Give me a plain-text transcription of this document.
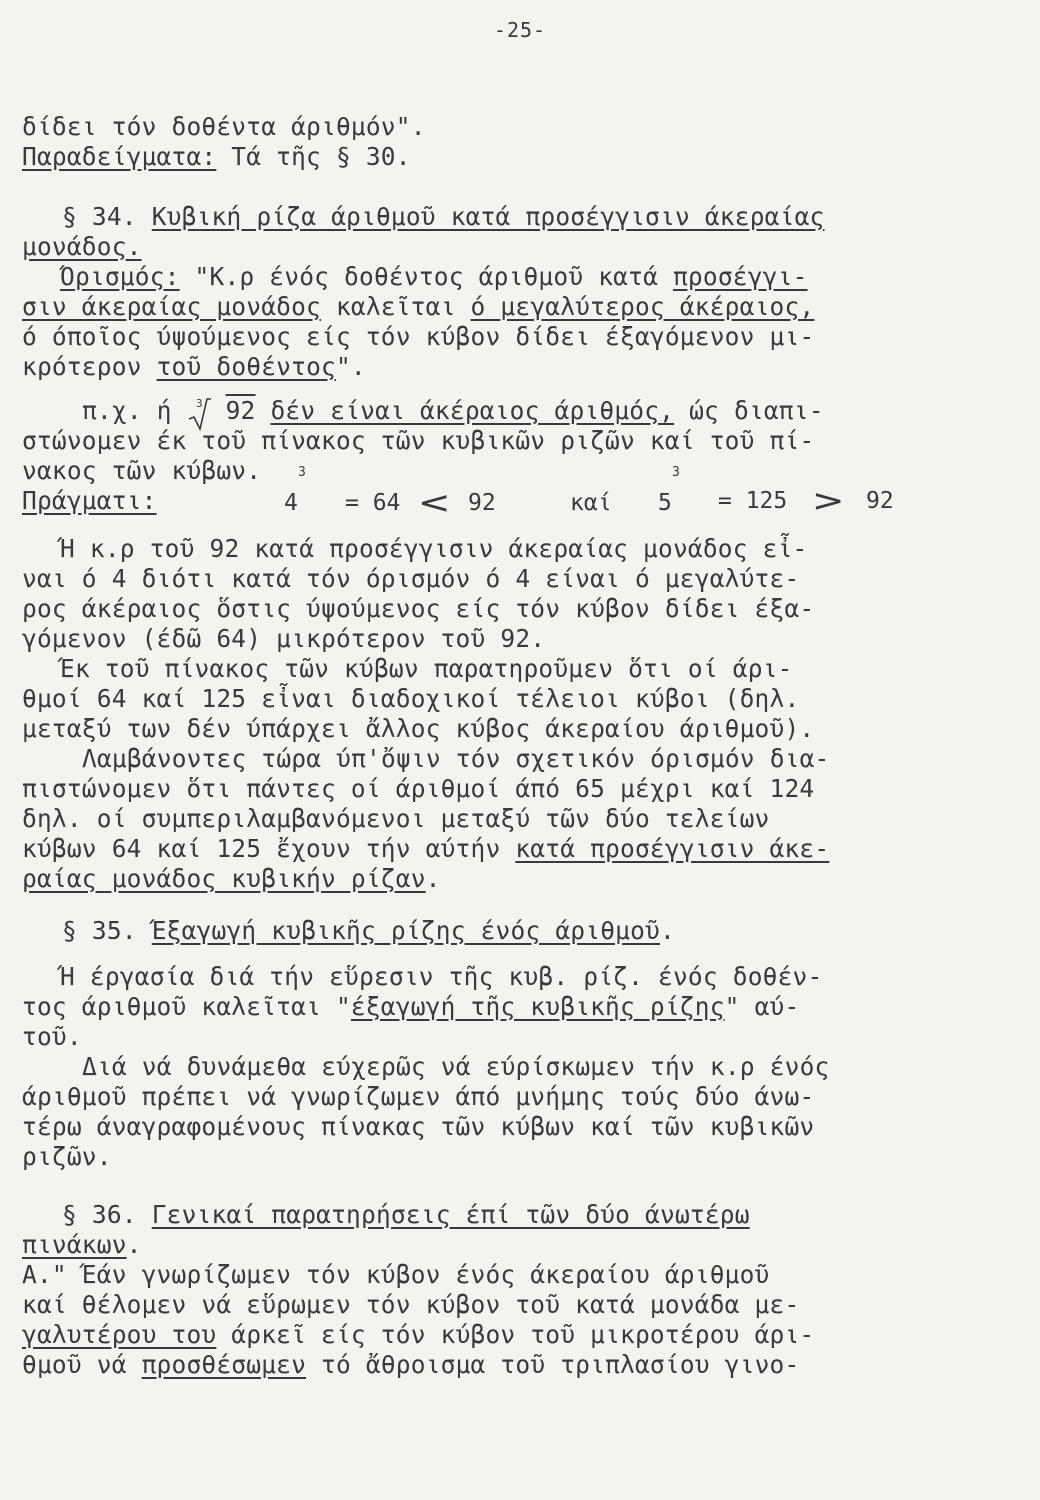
-25-
δίδει τόν δοθέντα άριθμόν".
Παραδείγματα: Τά τῆς § 30.
§ 34. Κυβική ρίζα άριθμοῦ κατά προσέγγισιν άκεραίας
μονάδος.
Όρισμός: "Κ.ρ ένός δοθέντος άριθμοῦ κατά προσέγγι-
σιν άκεραίας μονάδος καλεῖται ό μεγαλύτερος άκέραιος,
ό όποῖος ύψούμενος είς τόν κύβον δίδει έξαγόμενον μι-
κρότερον τοῦ δοθέντος".
π.χ. ή 3 92 δέν είναι άκέραιος άριθμός, ώς διαπι-
στώνομεν έκ τοῦ πίνακος τῶν κυβικῶν ριζῶν καί τοῦ πί-
νακος τῶν κύβων.
Πράγματι:
$^3$
4 = 64 < 92	καί 5
$^3$
= 125 > 92
Ή κ.ρ τοῦ 92 κατά προσέγγισιν άκεραίας μονάδος εἶ-
ναι ό 4 διότι κατά τόν όρισμόν ό 4 είναι ό μεγαλύτε-
ρος άκέραιος ὅστις ύψούμενος είς τόν κύβον δίδει έξα-
γόμενον (έδῶ 64) μικρότερον τοῦ 92.
Έκ τοῦ πίνακος τῶν κύβων παρατηροῦμεν ὅτι οί άρι-
θμοί 64 καί 125 εἶναι διαδοχικοί τέλειοι κύβοι (δηλ.
μεταξύ των δέν ύπάρχει ἄλλος κύβος άκεραίου άριθμοῦ).
Λαμβάνοντες τώρα ύπ'ὄψιν τόν σχετικόν όρισμόν δια-
πιστώνομεν ὅτι πάντες οί άριθμοί άπό 65 μέχρι καί 124
δηλ. οί συμπεριλαμβανόμενοι μεταξύ τῶν δύο τελείων
κύβων 64 καί 125 ἔχουν τήν αύτήν κατά προσέγγισιν άκε-
ραίας μονάδος κυβικήν ρίζαν.
§ 35. Έξαγωγή κυβικῆς ρίζης ένός άριθμοῦ.
Ή έργασία διά τήν εὕρεσιν τῆς κυβ. ρίζ. ένός δοθέν-
τος άριθμοῦ καλεῖται "έξαγωγή τῆς κυβικῆς ρίζης" αύ-
τοῦ.
Διά νά δυνάμεθα εύχερῶς νά εύρίσκωμεν τήν κ.ρ ένός
άριθμοῦ πρέπει νά γνωρίζωμεν άπό μνήμης τούς δύο άνω-
τέρω άναγραφομένους πίνακας τῶν κύβων καί τῶν κυβικῶν
ριζῶν.
§ 36. Γενικαί παρατηρήσεις έπί τῶν δύο άνωτέρω
πινάκων.
Α." Έάν γνωρίζωμεν τόν κύβον ένός άκεραίου άριθμοῦ
καί θέλομεν νά εὕρωμεν τόν κύβον τοῦ κατά μονάδα με-
γαλυτέρου του άρκεῖ είς τόν κύβον τοῦ μικροτέρου άρι-
θμοῦ νά προσθέσωμεν τό ἄθροισμα τοῦ τριπλασίου γινο-
